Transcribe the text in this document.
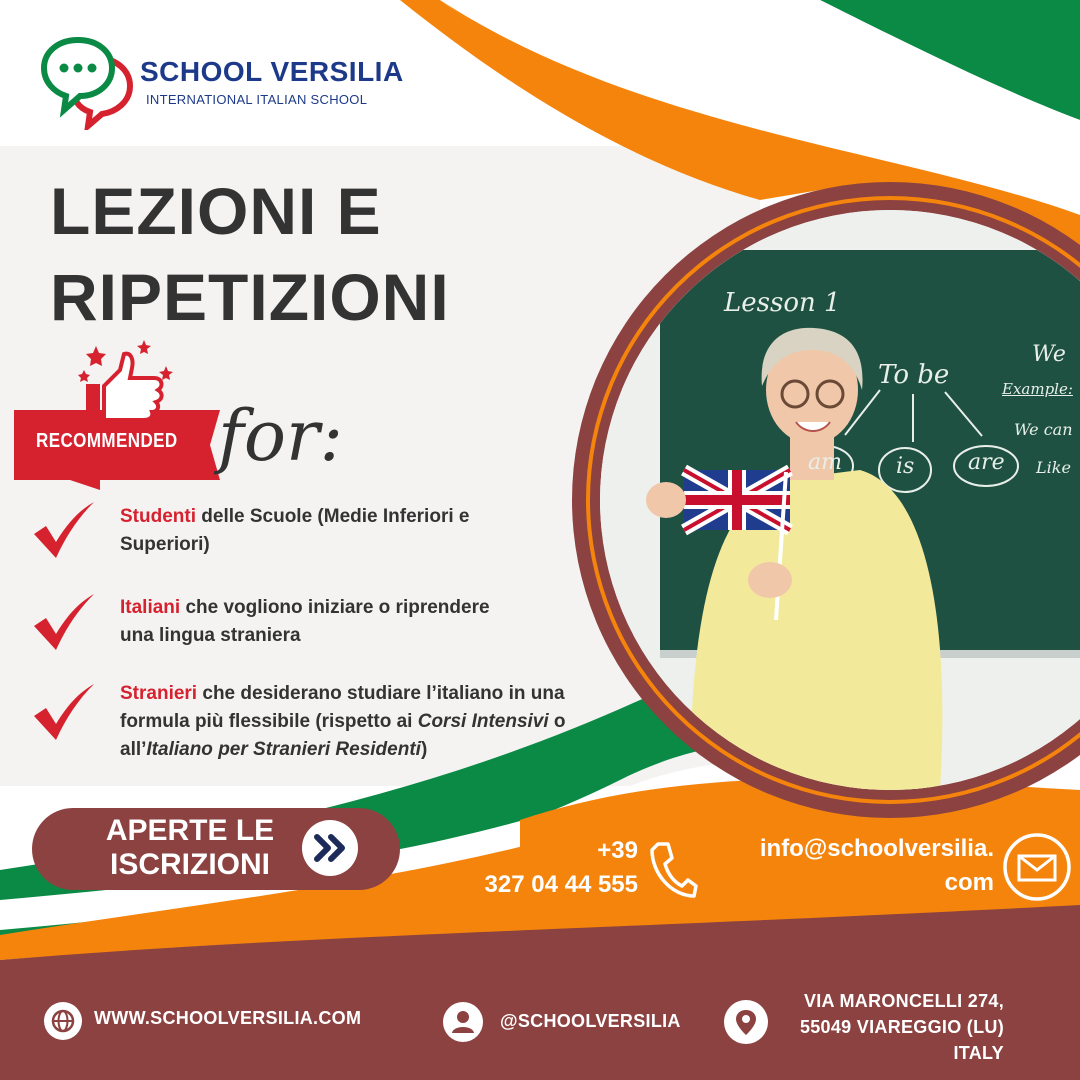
SCHOOL VERSILIA
INTERNATIONAL ITALIAN SCHOOL
LEZIONI E
RIPETIZIONI
RECOMMENDED for:
Studenti delle Scuole (Medie Inferiori e
Superiori)
Italiani che vogliono iniziare o riprendere
una lingua straniera
Stranieri che desiderano studiare l’italiano in una
formula più flessibile (rispetto ai Corsi Intensivi o
all’Italiano per Stranieri Residenti)
Lesson 1
To be
am is are
We
Example:
We can
Like
APERTE LE
ISCRIZIONI	+39
327 04 44 555
info@schoolversilia.
com
WWW.SCHOOLVERSILIA.COM	@SCHOOLVERSILIA
VIA MARONCELLI 274,
55049 VIAREGGIO (LU)
ITALY
